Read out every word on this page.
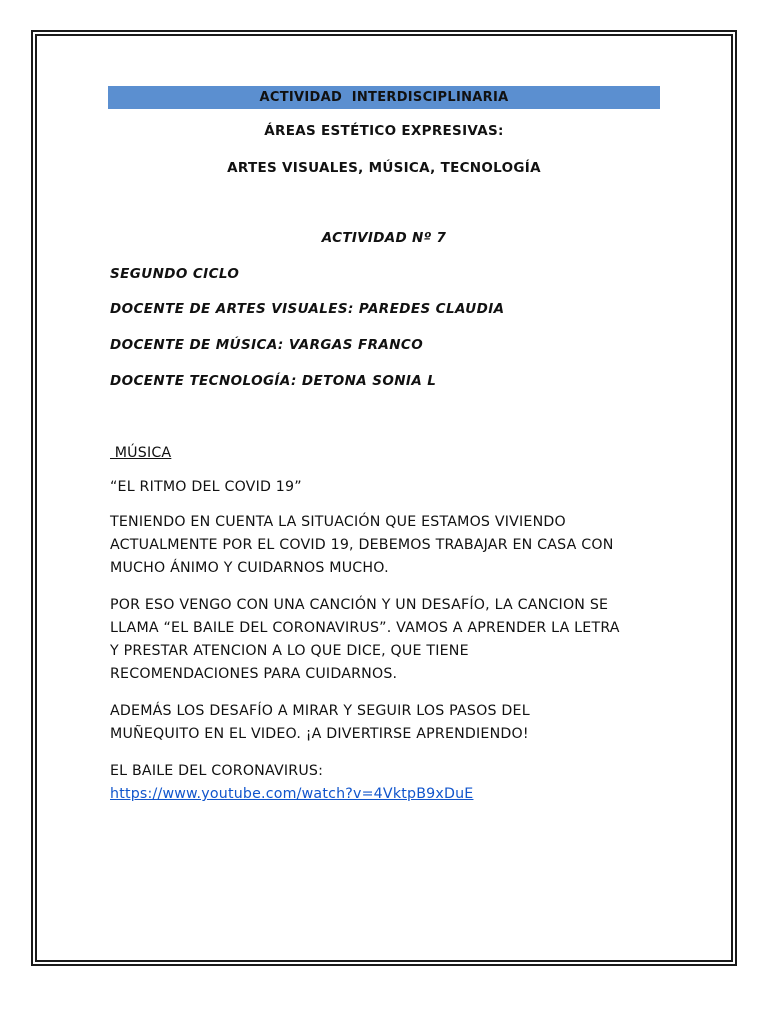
ACTIVIDAD  INTERDISCIPLINARIA
ÁREAS ESTÉTICO EXPRESIVAS:
ARTES VISUALES, MÚSICA, TECNOLOGÍA
ACTIVIDAD Nº 7
SEGUNDO CICLO
DOCENTE DE ARTES VISUALES: PAREDES CLAUDIA
DOCENTE DE MÚSICA: VARGAS FRANCO
DOCENTE TECNOLOGÍA: DETONA SONIA L
MÚSICA
“EL RITMO DEL COVID 19”
TENIENDO EN CUENTA LA SITUACIÓN QUE ESTAMOS VIVIENDO
ACTUALMENTE POR EL COVID 19, DEBEMOS TRABAJAR EN CASA CON
MUCHO ÁNIMO Y CUIDARNOS MUCHO.
POR ESO VENGO CON UNA CANCIÓN Y UN DESAFÍO, LA CANCION SE
LLAMA “EL BAILE DEL CORONAVIRUS”. VAMOS A APRENDER LA LETRA
Y PRESTAR ATENCION A LO QUE DICE, QUE TIENE
RECOMENDACIONES PARA CUIDARNOS.
ADEMÁS LOS DESAFÍO A MIRAR Y SEGUIR LOS PASOS DEL
MUÑEQUITO EN EL VIDEO. ¡A DIVERTIRSE APRENDIENDO!
EL BAILE DEL CORONAVIRUS:
https://www.youtube.com/watch?v=4VktpB9xDuE
